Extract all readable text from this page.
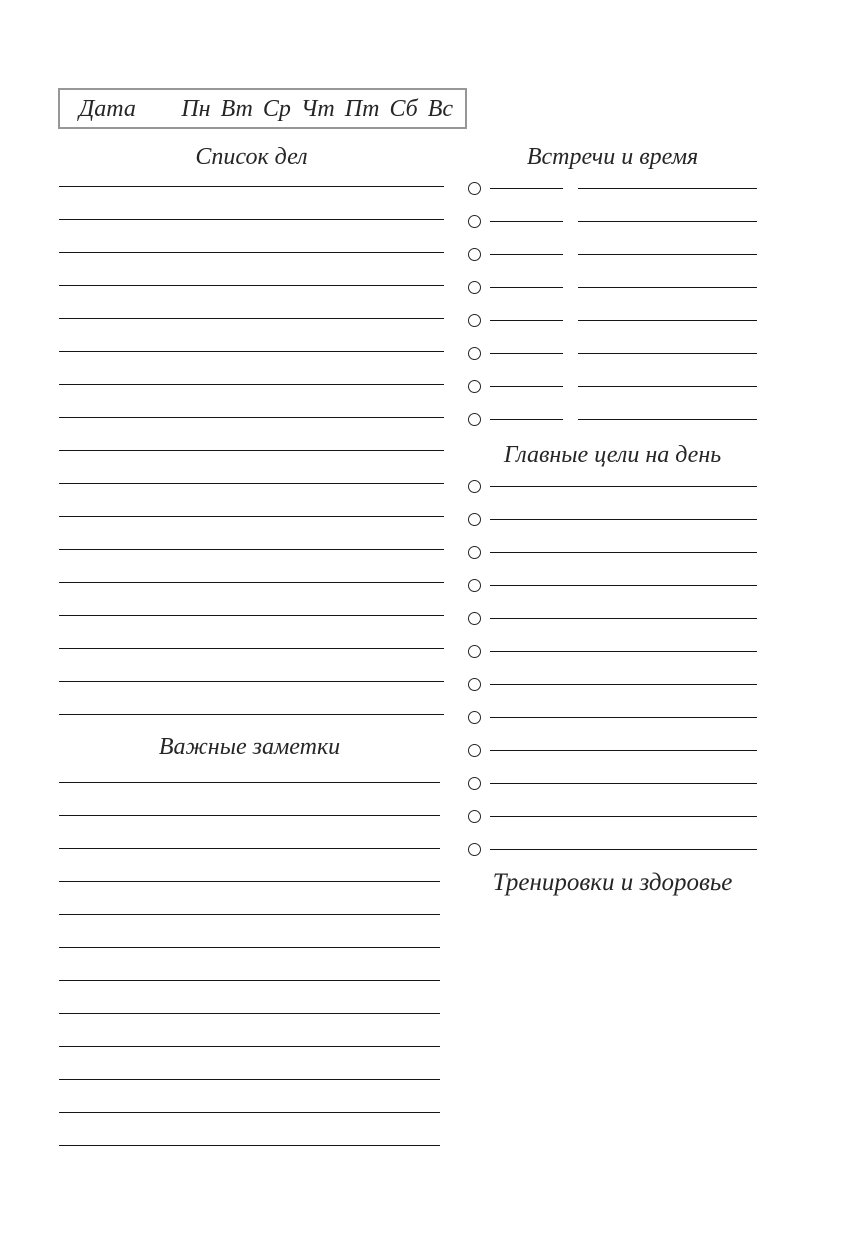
Дата Пн Вт Ср Чт Пт Сб Вс
Список дел
Важные заметки
Встречи и время
Главные цели на день
Тренировки и здоровье
